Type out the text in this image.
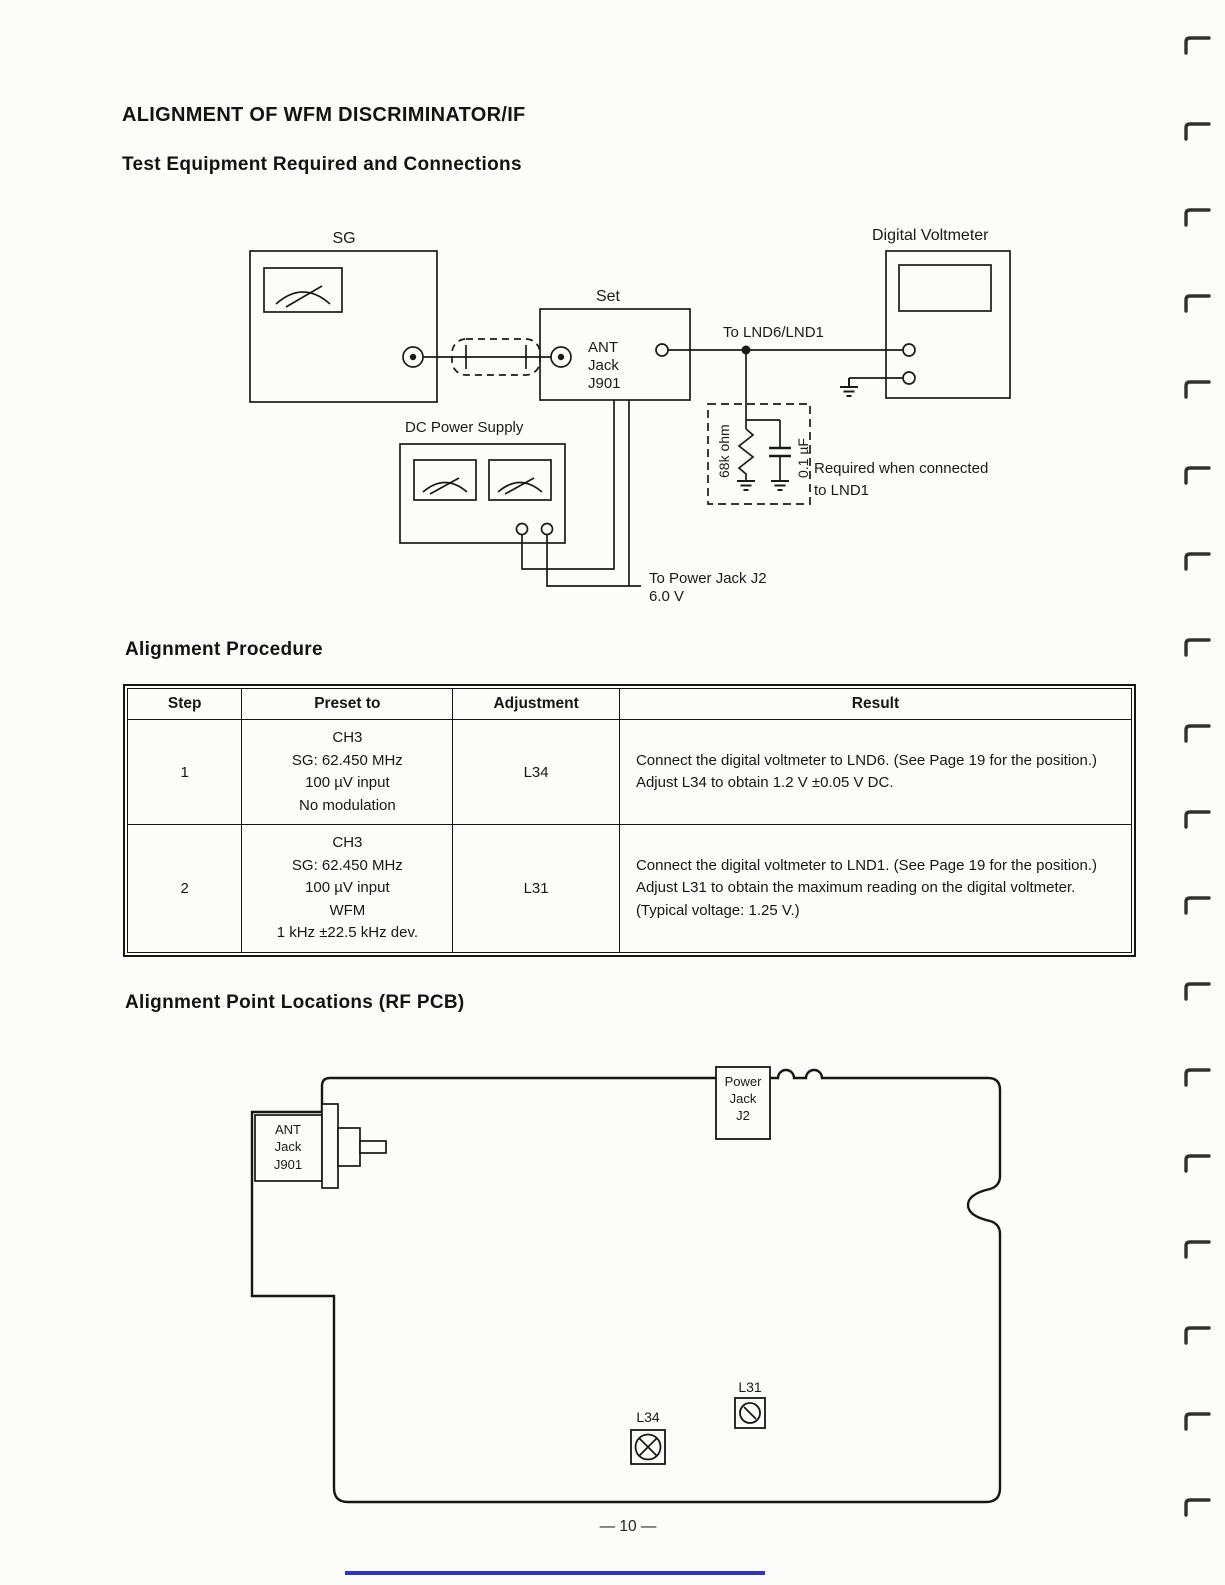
SG
Set
ANT
Jack
J901
To LND6/LND1
Digital Voltmeter
68k ohm	0.1 µF Required when connected
to LND1
DC Power Supply
To Power Jack J2
6.0 V
ANT
Jack
J901
Power
Jack
J2
L31
L34
ALIGNMENT OF WFM DISCRIMINATOR/IF
Test Equipment Required and Connections
Alignment Procedure
Alignment Point Locations (RF PCB)
Step	Preset to	Adjustment	Result
1	CH3
SG: 62.450 MHz
100 µV input
No modulation	L34	Connect the digital voltmeter to LND6. (See Page 19 for the position.) Adjust L34 to obtain 1.2 V ±0.05 V DC.
2	CH3
SG: 62.450 MHz
100 µV input
WFM
1 kHz ±22.5 kHz dev.	L31	Connect the digital voltmeter to LND1. (See Page 19 for the position.) Adjust L31 to obtain the maximum reading on the digital voltmeter. (Typical voltage: 1.25 V.)
— 10 —
